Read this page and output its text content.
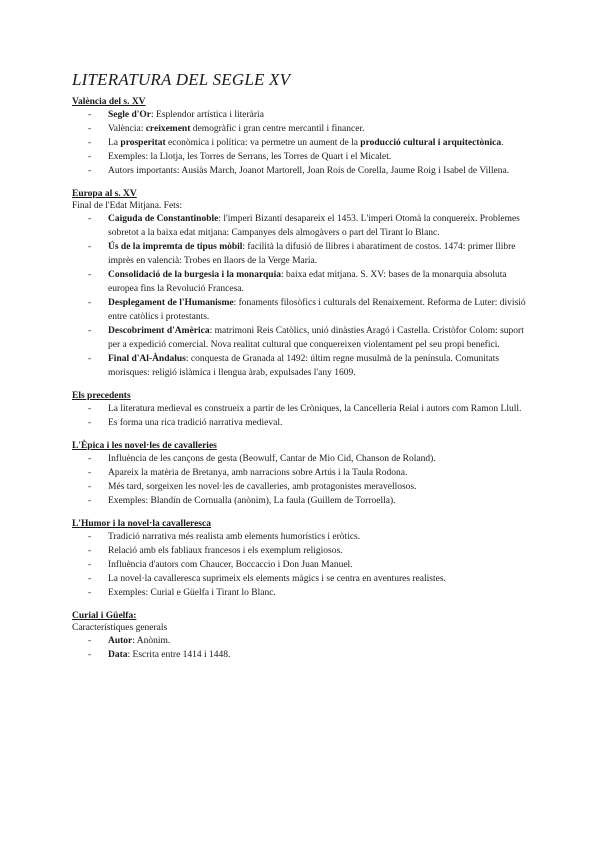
LITERATURA DEL SEGLE XV
València del s. XV
- Segle d'Or: Esplendor artística i literària
- València: creixement demogràfic i gran centre mercantil i financer.
- La prosperitat econòmica i política: va permetre un aument de la producció cultural i arquitectònica.
- Exemples: la Llotja, les Torres de Serrans, les Torres de Quart i el Micalet.
- Autors importants: Ausiàs March, Joanot Martorell, Joan Roís de Corella, Jaume Roig i Isabel de Villena.
Europa al s. XV
Final de l'Edat Mitjana. Fets:
- Caiguda de Constantinoble: l'imperi Bizantí desapareix el 1453. L'imperi Otomà la conquereix. Problemes sobretot a la baixa edat mitjana: Campanyes dels almogàvers o part del Tirant lo Blanc.
- Ús de la impremta de tipus mòbil: facilità la difusió de llibres i abaratiment de costos. 1474: primer llibre imprès en valencià: Trobes en llaors de la Verge Maria.
- Consolidació de la burgesia i la monarquia: baixa edat mitjana. S. XV: bases de la monarquia absoluta europea fins la Revolució Francesa.
- Desplegament de l'Humanisme: fonaments filosòfics i culturals del Renaixement. Reforma de Luter: divisió entre catòlics i protestants.
- Descobriment d'Amèrica: matrimoni Reis Catòlics, unió dinàsties Aragó i Castella. Cristòfor Colom: suport per a expedició comercial. Nova realitat cultural que conquereixen violentament pel seu propi benefici.
- Final d'Al-Àndalus: conquesta de Granada al 1492: últim regne musulmà de la península. Comunitats morisques: religió islàmica i llengua àrab, expulsades l'any 1609.
Els precedents
- La literatura medieval es construeix a partir de les Cròniques, la Cancelleria Reial i autors com Ramon Llull.
- Es forma una rica tradició narrativa medieval.
L'Èpica i les novel·les de cavalleries
- Influència de les cançons de gesta (Beowulf, Cantar de Mio Cid, Chanson de Roland).
- Apareix la matèria de Bretanya, amb narracions sobre Artús i la Taula Rodona.
- Més tard, sorgeixen les novel·les de cavalleries, amb protagonistes meravellosos.
- Exemples: Blandín de Cornualla (anònim), La faula (Guillem de Torroella).
L'Humor i la novel·la cavalleresca
- Tradició narrativa més realista amb elements humorístics i eròtics.
- Relació amb els fabliaux francesos i els exemplum religiosos.
- Influència d'autors com Chaucer, Boccaccio i Don Juan Manuel.
- La novel·la cavalleresca suprimeix els elements màgics i se centra en aventures realistes.
- Exemples: Curial e Güelfa i Tirant lo Blanc.
Curial i Güelfa:
Característiques generals
- Autor: Anònim.
- Data: Escrita entre 1414 i 1448.
